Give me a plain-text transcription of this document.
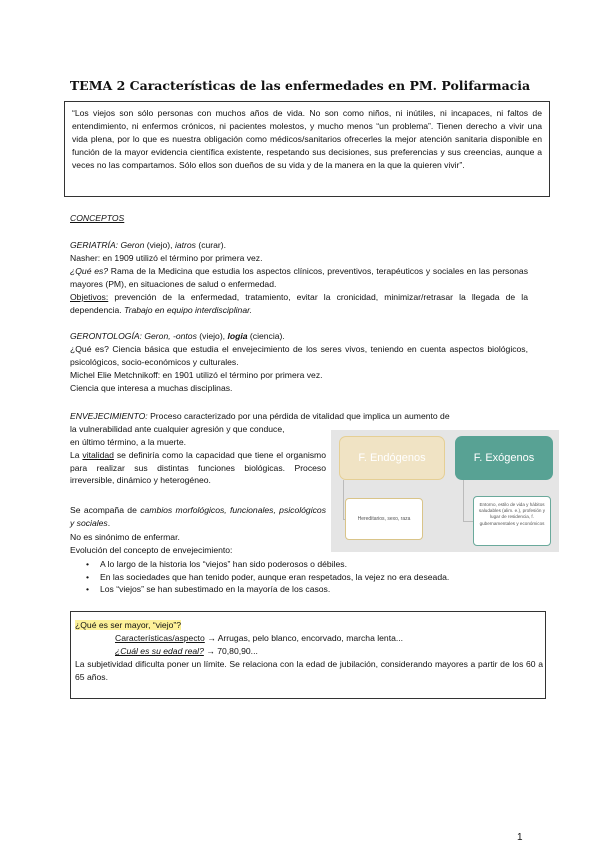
TEMA 2 Características de las enfermedades en PM. Polifarmacia
“Los viejos son sólo personas con muchos años de vida. No son como niños, ni inútiles, ni incapaces, ni faltos de entendimiento, ni enfermos crónicos, ni pacientes molestos, y mucho menos “un problema”. Tienen derecho a vivir una vida plena, por lo que es nuestra obligación como médicos/sanitarios ofrecerles la mejor atención sanitaria disponible en función de la mayor evidencia científica existente, respetando sus decisiones, sus preferencias y sus creencias, aunque a veces no las compartamos. Sólo ellos son dueños de su vida y de la manera en la que la quieren vivir”.
CONCEPTOS
GERIATRÍA: Geron (viejo), iatros (curar).
Nasher: en 1909 utilizó el término por primera vez.
¿Qué es? Rama de la Medicina que estudia los aspectos clínicos, preventivos, terapéuticos y sociales en las personas mayores (PM), en situaciones de salud o enfermedad.
Objetivos: prevención de la enfermedad, tratamiento, evitar la cronicidad, minimizar/retrasar la llegada de la dependencia. Trabajo en equipo interdisciplinar.
GERONTOLOGÍA: Geron, -ontos (viejo), logia (ciencia).
¿Qué es? Ciencia básica que estudia el envejecimiento de los seres vivos, teniendo en cuenta aspectos biológicos, psicológicos, socio-económicos y culturales.
Michel Elie Metchnikoff: en 1901 utilizó el término por primera vez.
Ciencia que interesa a muchas disciplinas.
ENVEJECIMIENTO: Proceso caracterizado por una pérdida de vitalidad que implica un aumento de
la vulnerabilidad ante cualquier agresión y que conduce,
en último término, a la muerte.
La vitalidad se definiría como la capacidad que tiene el organismo para realizar sus distintas funciones biológicas. Proceso irreversible, dinámico y heterogéneo.
Se acompaña de cambios morfológicos, funcionales, psicológicos y sociales.
No es sinónimo de enfermar.
Evolución del concepto de envejecimiento:
• A lo largo de la historia los “viejos” han sido poderosos o débiles.
• En las sociedades que han tenido poder, aunque eran respetados, la vejez no era deseada.
• Los “viejos” se han subestimado en la mayoría de los casos.
F. Endógenos	F. Exógenos
Hereditarios, sexo, raza
Entorno, estilo de vida y hábitos saludables (alim. e.), profesión y lugar de residencia, f. gubernamentales y económicos
¿Qué es ser mayor, “viejo”?
Características/aspecto → Arrugas, pelo blanco, encorvado, marcha lenta...
¿Cuál es su edad real? → 70,80,90...
La subjetividad dificulta poner un límite. Se relaciona con la edad de jubilación, considerando mayores a partir de los 60 a 65 años.
1
